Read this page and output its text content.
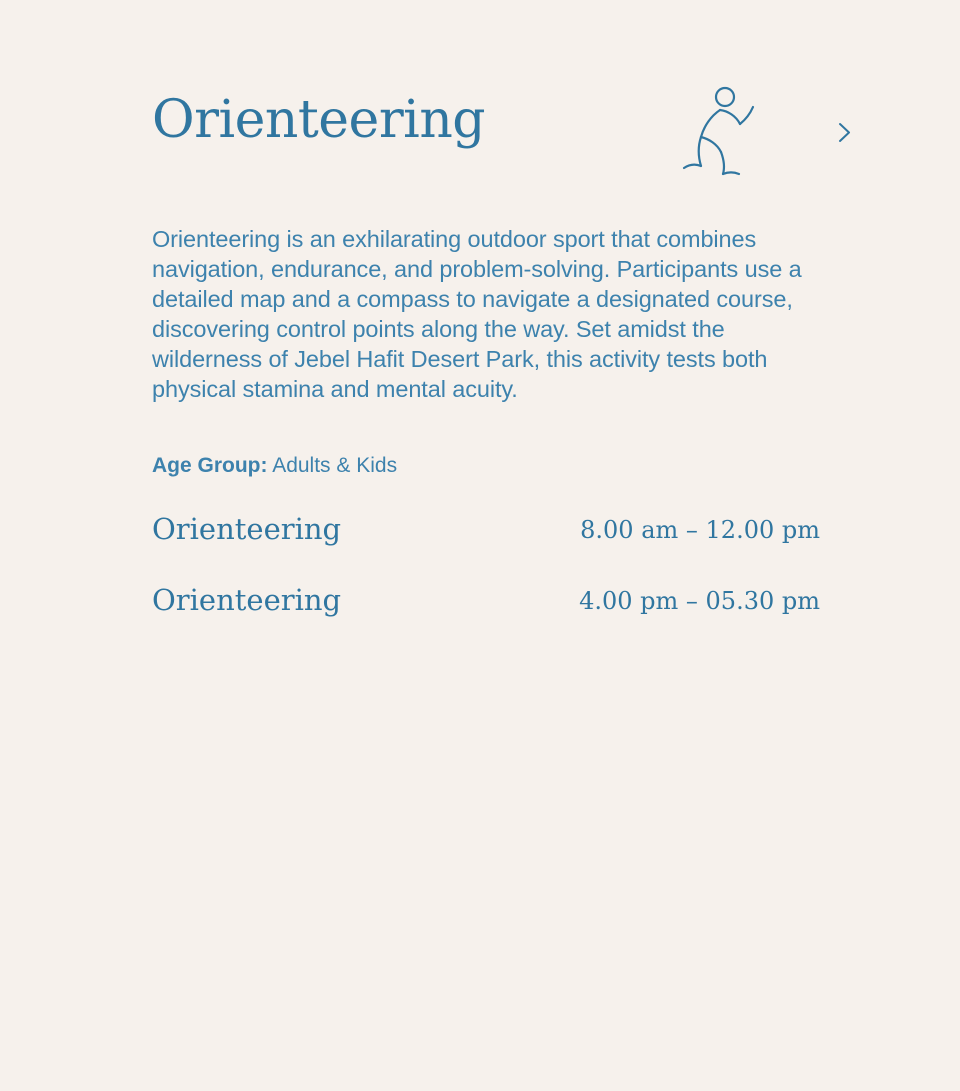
Orienteering
Orienteering is an exhilarating outdoor sport that combines navigation, endurance, and problem-solving. Participants use a detailed map and a compass to navigate a designated course, discovering control points along the way. Set amidst the wilderness of Jebel Hafit Desert Park, this activity tests both physical stamina and mental acuity.
Age Group: Adults & Kids
Orienteering	8.00 am – 12.00 pm
Orienteering	4.00 pm – 05.30 pm
